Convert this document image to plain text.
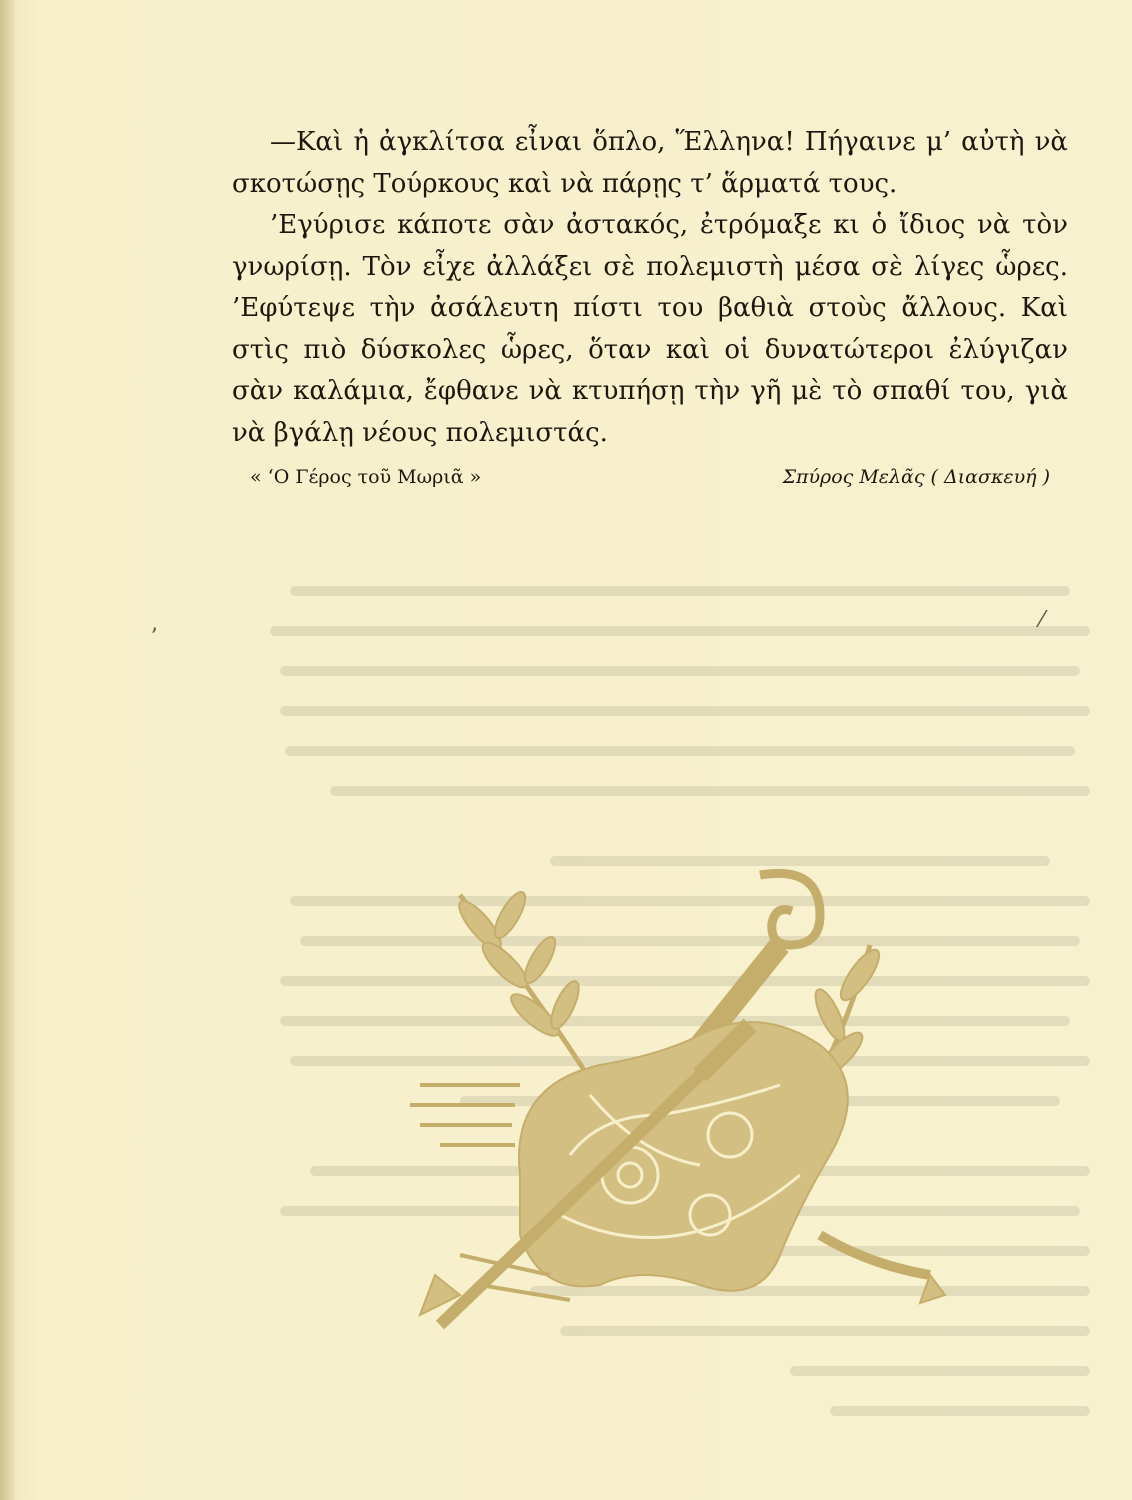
—Καὶ ἡ ἀγκλίτσα εἶναι ὅπλο, Ἕλληνα! Πήγαινε μ’ αὐτὴ νὰ σκοτώσῃς Τούρκους καὶ νὰ πάρῃς τ’ ἅρματά τους.

’Εγύρισε κάποτε σὰν ἀστακός, ἐτρόμαξε κι ὁ ἴδιος νὰ τὸν γνωρίσῃ. Τὸν εἶχε ἀλλάξει σὲ πολεμιστὴ μέσα σὲ λίγες ὧρες. ’Εφύτεψε τὴν ἀσάλευτη πίστι του βαθιὰ στοὺς ἄλλους. Καὶ στὶς πιὸ δύσκολες ὧρες, ὅταν καὶ οἱ δυνατώτεροι ἐλύγιζαν σὰν καλάμια, ἔφθανε νὰ κτυπήσῃ τὴν γῆ μὲ τὸ σπαθί του, γιὰ νὰ βγάλῃ νέους πολεμιστάς.

« ‘Ο Γέρος τοῦ Μωριᾶ »	Σπύρος Μελᾶς ( Διασκευή )
⁄
ʼ
